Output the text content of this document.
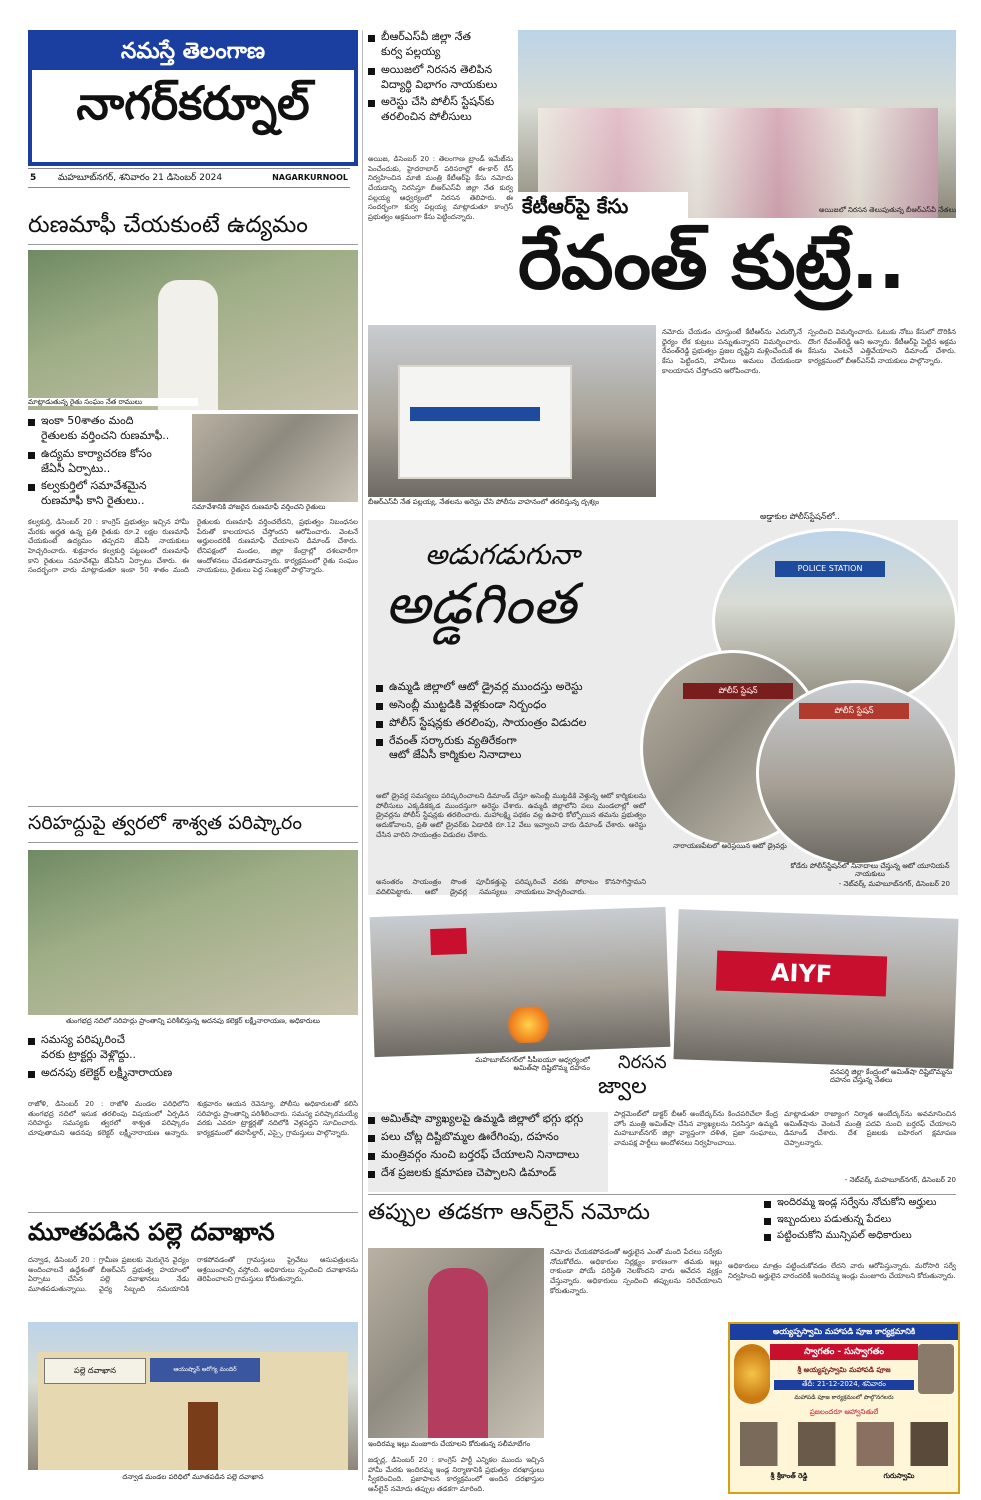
నమస్తే తెలంగాణ
నాగర్‌కర్నూల్
5 మహబూబ్‌నగర్, శనివారం 21 డిసెంబర్ 2024	NAGARKURNOOL
బీఆర్‌ఎస్‌వీ జిల్లా నేత
కుర్వ పల్లయ్య
అయిజలో నిరసన తెలిపిన
విద్యార్థి విభాగం నాయకులు
అరెస్టు చేసి పోలీస్ స్టేషన్‌కు
తరలించిన పోలీసులు
అయిజ, డిసెంబర్ 20 : తెలంగాణ బ్రాండ్ ఇమేజ్‌ను పెంచేందుకు, హైదరాబాద్ పరిసరాల్లో ఈ-కార్ రేస్ నిర్వహించిన మాజీ మంత్రి కేటీఆర్‌పై కేసు నమోదు చేయడాన్ని నిరసిస్తూ బీఆర్‌ఎస్‌వీ జిల్లా నేత కుర్వ పల్లయ్య ఆధ్వర్యంలో నిరసన తెలిపారు. ఈ సందర్భంగా కుర్వ పల్లయ్య మాట్లాడుతూ కాంగ్రెస్ ప్రభుత్వం అక్రమంగా కేసు పెట్టిందన్నారు.	కేటీఆర్‌పై కేసు	అయిజలో నిరసన తెలుపుతున్న బీఆర్‌ఎస్‌వీ నేతలు
రేవంత్ కుట్రే..
బీఆర్‌ఎస్‌వీ నేత పల్లయ్య, నేతలను అరెస్టు చేసి పోలీసు వాహనంలో తరలిస్తున్న దృశ్యం
నమోదు చేయడం చూస్తుంటే కేటీఆర్‌ను ఎదుర్కొనే ధైర్యం లేక కుట్రలు పన్నుతున్నారని విమర్శించారు. రేవంత్‌రెడ్డి ప్రభుత్వం ప్రజల దృష్టిని మళ్లించేందుకే ఈ కేసు పెట్టిందని, హామీలు అమలు చేయకుండా కాలయాపన చేస్తోందని ఆరోపించారు.
స్పందించి విమర్శించారు. ఓటుకు నోటు కేసులో దొరికిన దొంగ రేవంత్‌రెడ్డి అని అన్నారు. కేటీఆర్‌పై పెట్టిన అక్రమ కేసును వెంటనే ఎత్తివేయాలని డిమాండ్ చేశారు. కార్యక్రమంలో బీఆర్‌ఎస్‌వీ నాయకులు పాల్గొన్నారు.
రుణమాఫీ చేయకుంటే ఉద్యమం
మాట్లాడుతున్న రైతు సంఘం నేత రాములు
ఇంకా 50శాతం మంది
రైతులకు వర్తించని రుణమాఫీ..
ఉద్యమ కార్యాచరణ కోసం
జేఏసీ ఏర్పాటు..
కల్వకుర్తిలో సమావేశమైన
రుణమాఫీ కాని రైతులు..	సమావేశానికి హాజరైన రుణమాఫీ వర్తించని రైతులు
కల్వకుర్తి, డిసెంబర్ 20 : కాంగ్రెస్ ప్రభుత్వం ఇచ్చిన హామీ మేరకు అర్హత ఉన్న ప్రతి రైతుకు రూ.2 లక్షల రుణమాఫీ చేయకుంటే ఉద్యమం తప్పదని జేఏసీ నాయకులు హెచ్చరించారు. శుక్రవారం కల్వకుర్తి పట్టణంలో రుణమాఫీ కాని రైతులు సమావేశమై జేఏసీని ఏర్పాటు చేశారు. ఈ సందర్భంగా వారు మాట్లాడుతూ ఇంకా 50 శాతం మంది రైతులకు రుణమాఫీ వర్తించలేదని, ప్రభుత్వం నిబంధనల పేరుతో కాలయాపన చేస్తోందని ఆరోపించారు. వెంటనే అర్హులందరికీ రుణమాఫీ చేయాలని డిమాండ్ చేశారు. లేనిపక్షంలో మండల, జిల్లా కేంద్రాల్లో దశలవారీగా ఆందోళనలు చేపడతామన్నారు. కార్యక్రమంలో రైతు సంఘం నాయకులు, రైతులు పెద్ద సంఖ్యలో పాల్గొన్నారు.
సరిహద్దుపై త్వరలో శాశ్వత పరిష్కారం
తుంగభద్ర నదిలో సరిహద్దు ప్రాంతాన్ని పరిశీలిస్తున్న అదనపు కలెక్టర్ లక్ష్మీనారాయణ, అధికారులు
సమస్య పరిష్కరించే
వరకు ట్రాక్టర్లు వెళ్లొద్దు..
అదనపు కలెక్టర్ లక్ష్మీనారాయణ
రాజోళి, డిసెంబర్ 20 : రాజోళి మండల పరిధిలోని తుంగభద్ర నదిలో ఇసుక తరలింపు విషయంలో ఏర్పడిన సరిహద్దు సమస్యకు త్వరలో శాశ్వత పరిష్కారం చూపుతామని అదనపు కలెక్టర్ లక్ష్మీనారాయణ అన్నారు. శుక్రవారం ఆయన రెవెన్యూ, పోలీసు అధికారులతో కలిసి సరిహద్దు ప్రాంతాన్ని పరిశీలించారు. సమస్య పరిష్కారమయ్యే వరకు ఎవరూ ట్రాక్టర్లతో నదిలోకి వెళ్లవద్దని సూచించారు. కార్యక్రమంలో తహసీల్దార్, ఎస్సై, గ్రామస్తులు పాల్గొన్నారు.
మూతపడిన పల్లె దవాఖాన
దన్వాడ, డిసెంబర్ 20 : గ్రామీణ ప్రజలకు మెరుగైన వైద్యం అందించాలనే ఉద్దేశంతో బీఆర్‌ఎస్ ప్రభుత్వ హయాంలో ఏర్పాటు చేసిన పల్లె దవాఖానలు నేడు మూతపడుతున్నాయి. వైద్య సిబ్బంది సమయానికి రాకపోవడంతో గ్రామస్తులు ప్రైవేటు ఆసుపత్రులను ఆశ్రయించాల్సి వస్తోంది. అధికారులు స్పందించి దవాఖానను తెరిపించాలని గ్రామస్తులు కోరుతున్నారు.
పల్లె దవాఖాన	ఆయుష్మాన్ ఆరోగ్య మందిర్
దన్వాడ మండల పరిధిలో మూతపడిన పల్లె దవాఖాన
అడుగడుగునా
అడ్డగింత
అడ్డాకుల పోలీస్‌స్టేషన్‌లో..
POLICE STATION
ఉమ్మడి జిల్లాలో ఆటో డ్రైవర్ల ముందస్తు అరెస్టు
అసెంబ్లీ ముట్టడికి వెళ్లకుండా నిర్బంధం
పోలీస్ స్టేషన్లకు తరలింపు, సాయంత్రం విడుదల
రేవంత్ సర్కారుకు వ్యతిరేకంగా
ఆటో జేఏసీ కార్మికుల నినాదాలు
పోలీస్ స్టేషన్
పోలీస్ స్టేషన్
నారాయణపేటలో అరెస్టయిన ఆటో డ్రైవర్లు
కోడేరు పోలీస్‌స్టేషన్‌లో నినాదాలు చేస్తున్న ఆటో యూనియన్ నాయకులు
ఆటో డ్రైవర్ల సమస్యలు పరిష్కరించాలని డిమాండ్ చేస్తూ అసెంబ్లీ ముట్టడికి వెళ్తున్న ఆటో కార్మికులను పోలీసులు ఎక్కడికక్కడ ముందస్తుగా అరెస్టు చేశారు. ఉమ్మడి జిల్లాలోని పలు మండలాల్లో ఆటో డ్రైవర్లను పోలీస్ స్టేషన్లకు తరలించారు. మహాలక్ష్మి పథకం వల్ల ఉపాధి కోల్పోయిన తమను ప్రభుత్వం ఆదుకోవాలని, ప్రతి ఆటో డ్రైవర్‌కు ఏడాదికి రూ.12 వేలు ఇవ్వాలని వారు డిమాండ్ చేశారు. అరెస్టు చేసిన వారిని సాయంత్రం విడుదల చేశారు.
అనంతరం సాయంత్రం సొంత పూచీకత్తుపై వదిలిపెట్టారు. ఆటో డ్రైవర్ల సమస్యలు పరిష్కరించే వరకు పోరాటం కొనసాగిస్తామని నాయకులు హెచ్చరించారు.
- నెట్‌వర్క్ మహబూబ్‌నగర్, డిసెంబర్ 20
AIYF
నిరసన
జ్వాల
మహబూబ్‌నగర్‌లో సీపీఐయూ ఆధ్వర్యంలో అమిత్‌షా దిష్టిబొమ్మ దహనం	వనపర్తి జిల్లా కేంద్రంలో అమిత్‌షా దిష్టిబొమ్మను దహనం చేస్తున్న నేతలు
అమిత్‌షా వ్యాఖ్యలపై ఉమ్మడి జిల్లాలో భగ్గు భగ్గు
పలు చోట్ల దిష్టిబొమ్మల ఊరేగింపు, దహనం
మంత్రివర్గం నుంచి బర్తరఫ్ చేయాలని నినాదాలు
దేశ ప్రజలకు క్షమాపణ చెప్పాలని డిమాండ్
పార్లమెంట్‌లో డాక్టర్ బీఆర్ అంబేద్కర్‌ను కించపరిచేలా కేంద్ర హోం మంత్రి అమిత్‌షా చేసిన వ్యాఖ్యలను నిరసిస్తూ ఉమ్మడి మహబూబ్‌నగర్ జిల్లా వ్యాప్తంగా దళిత, ప్రజా సంఘాలు, వామపక్ష పార్టీలు ఆందోళనలు నిర్వహించాయి.
మాట్లాడుతూ రాజ్యాంగ నిర్మాత అంబేద్కర్‌ను అవమానించిన అమిత్‌షాను వెంటనే మంత్రి పదవి నుంచి బర్తరఫ్ చేయాలని డిమాండ్ చేశారు. దేశ ప్రజలకు బహిరంగ క్షమాపణ చెప్పాలన్నారు.
- నెట్‌వర్క్ మహబూబ్‌నగర్, డిసెంబర్ 20
తప్పుల తడకగా ఆన్‌లైన్ నమోదు	ఇందిరమ్మ ఇండ్ల సర్వేను నోచుకోని అర్హులు
ఇబ్బందులు పడుతున్న పేదలు
పట్టించుకోని మున్సిపల్ అధికారులు
ఇందిరమ్మ ఇల్లు మంజూరు చేయాలని కోరుతున్న సలీమాబేగం
జడ్చర్ల, డిసెంబర్ 20 : కాంగ్రెస్ పార్టీ ఎన్నికల ముందు ఇచ్చిన హామీ మేరకు ఇందిరమ్మ ఇండ్ల నిర్మాణానికి ప్రభుత్వం దరఖాస్తులు స్వీకరించింది. ప్రజాపాలన కార్యక్రమంలో అందిన దరఖాస్తుల ఆన్‌లైన్ నమోదు తప్పుల తడకగా మారింది.
నమోదు చేయకపోవడంతో అర్హులైన ఎంతో మంది పేదలు సర్వేకు నోచుకోలేదు. అధికారుల నిర్లక్ష్యం కారణంగా తమకు ఇల్లు రాకుండా పోయే పరిస్థితి నెలకొందని వారు ఆవేదన వ్యక్తం చేస్తున్నారు. అధికారులు స్పందించి తప్పులను సరిచేయాలని కోరుతున్నారు.
అధికారులు మాత్రం పట్టించుకోవడం లేదని వారు ఆరోపిస్తున్నారు. మరోసారి సర్వే నిర్వహించి అర్హులైన వారందరికీ ఇందిరమ్మ ఇండ్లు మంజూరు చేయాలని కోరుతున్నారు.
అయ్యప్పస్వామి మహాపడి పూజ కార్యక్రమానికి
స్వాగతం - సుస్వాగతం
శ్రీ అయ్యప్పస్వామి మహాపడి పూజ
తేదీ: 21-12-2024, శనివారం
మహాపడి పూజ కార్యక్రమంలో పాల్గొనగలరు
ప్రజలందరూ ఆహ్వానితులే
శ్రీ శ్రీకాంత్ రెడ్డి	గురుస్వామి
